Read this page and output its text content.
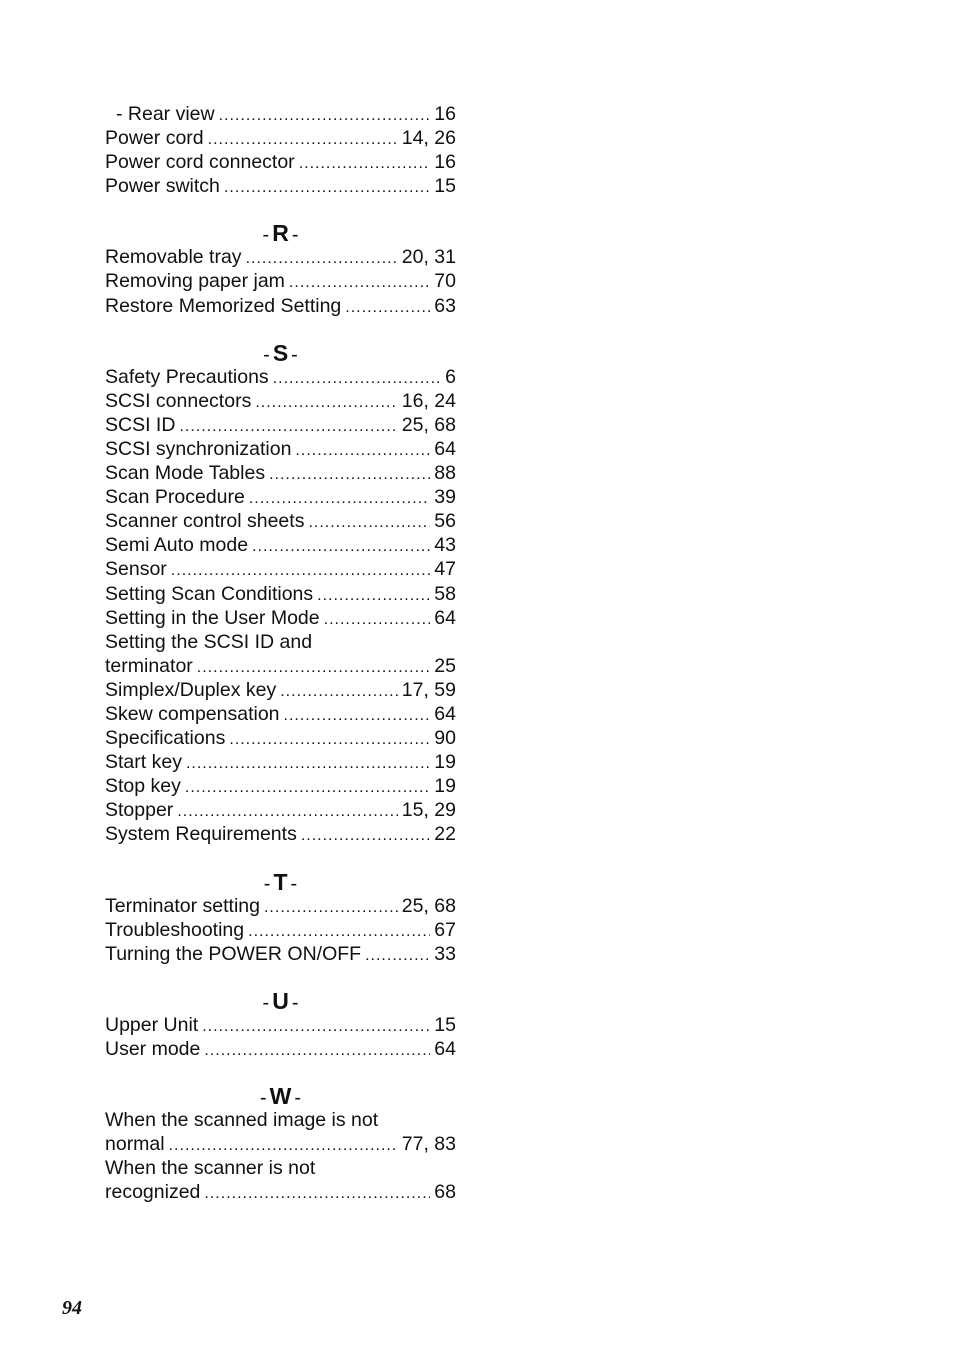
- Rear view .....	16
Power cord .....	14, 26
Power cord connector .....	16
Power switch .....	15
- R -
Removable tray .....	20, 31
Removing paper jam .....	70
Restore Memorized Setting .....	63
- S -
Safety Precautions .....	6
SCSI connectors .....	16, 24
SCSI ID .....	25, 68
SCSI synchronization .....	64
Scan Mode Tables .....	88
Scan Procedure .....	39
Scanner control sheets .....	56
Semi Auto mode .....	43
Sensor .....	47
Setting Scan Conditions .....	58
Setting in the User Mode .....	64
Setting the SCSI ID and
terminator .....	25
Simplex/Duplex key .....	17, 59
Skew compensation .....	64
Specifications .....	90
Start key .....	19
Stop key .....	19
Stopper .....	15, 29
System Requirements .....	22
- T -
Terminator setting .....	25, 68
Troubleshooting .....	67
Turning the POWER ON/OFF .....	33
- U -
Upper Unit .....	15
User mode .....	64
- W -
When the scanned image is not
normal .....	77, 83
When the scanner is not
recognized .....	68
94
